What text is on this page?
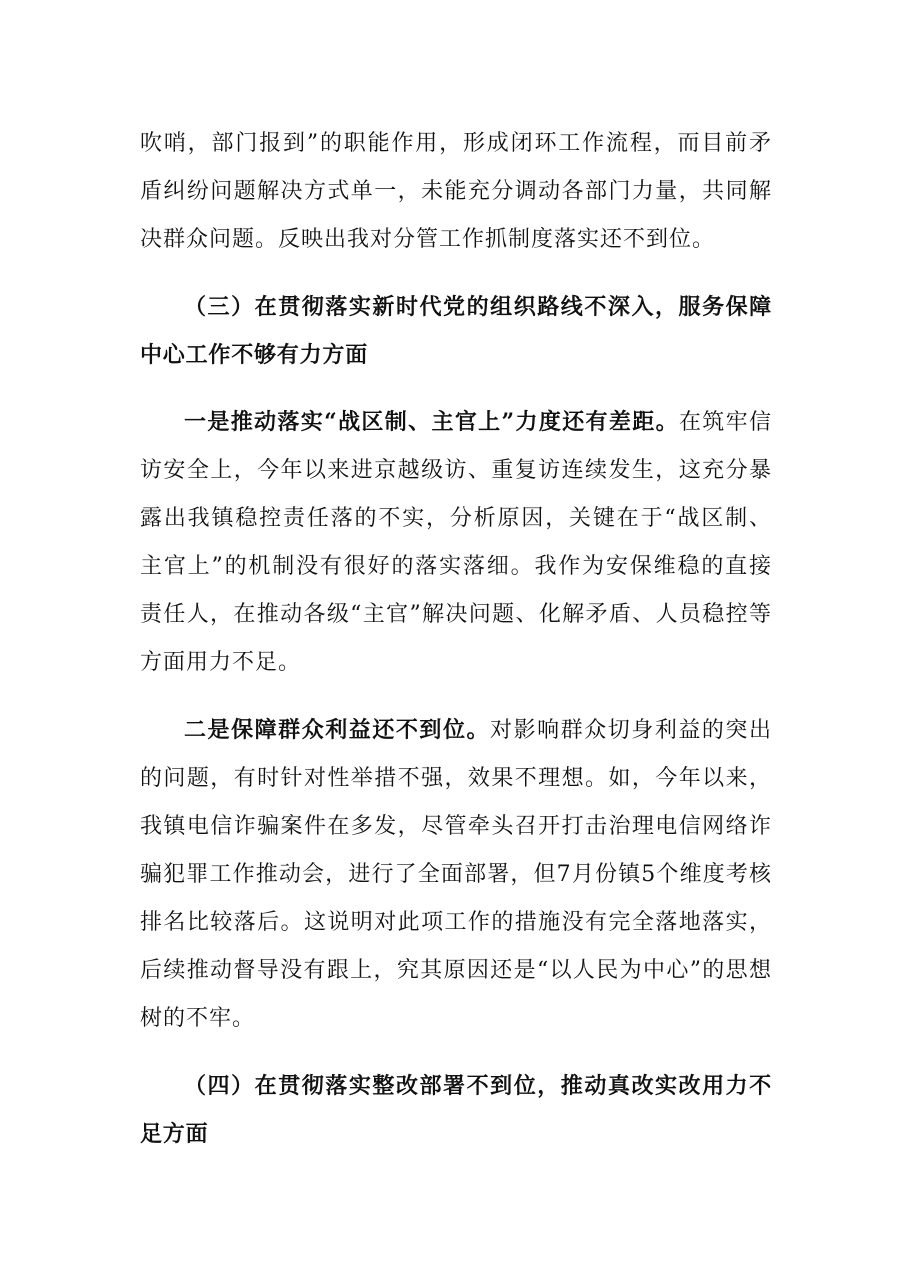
吹哨，部门报到”的职能作用，形成闭环工作流程，而目前矛盾纠纷问题解决方式单一，未能充分调动各部门力量，共同解决群众问题。反映出我对分管工作抓制度落实还不到位。

（三）在贯彻落实新时代党的组织路线不深入，服务保障中心工作不够有力方面

一是推动落实“战区制、主官上”力度还有差距。在筑牢信访安全上，今年以来进京越级访、重复访连续发生，这充分暴露出我镇稳控责任落的不实，分析原因，关键在于“战区制、主官上”的机制没有很好的落实落细。我作为安保维稳的直接责任人，在推动各级“主官”解决问题、化解矛盾、人员稳控等方面用力不足。

二是保障群众利益还不到位。对影响群众切身利益的突出的问题，有时针对性举措不强，效果不理想。如，今年以来，我镇电信诈骗案件在多发，尽管牵头召开打击治理电信网络诈骗犯罪工作推动会，进行了全面部署，但7月份镇5个维度考核排名比较落后。这说明对此项工作的措施没有完全落地落实，后续推动督导没有跟上，究其原因还是“以人民为中心”的思想树的不牢。

（四）在贯彻落实整改部署不到位，推动真改实改用力不足方面
